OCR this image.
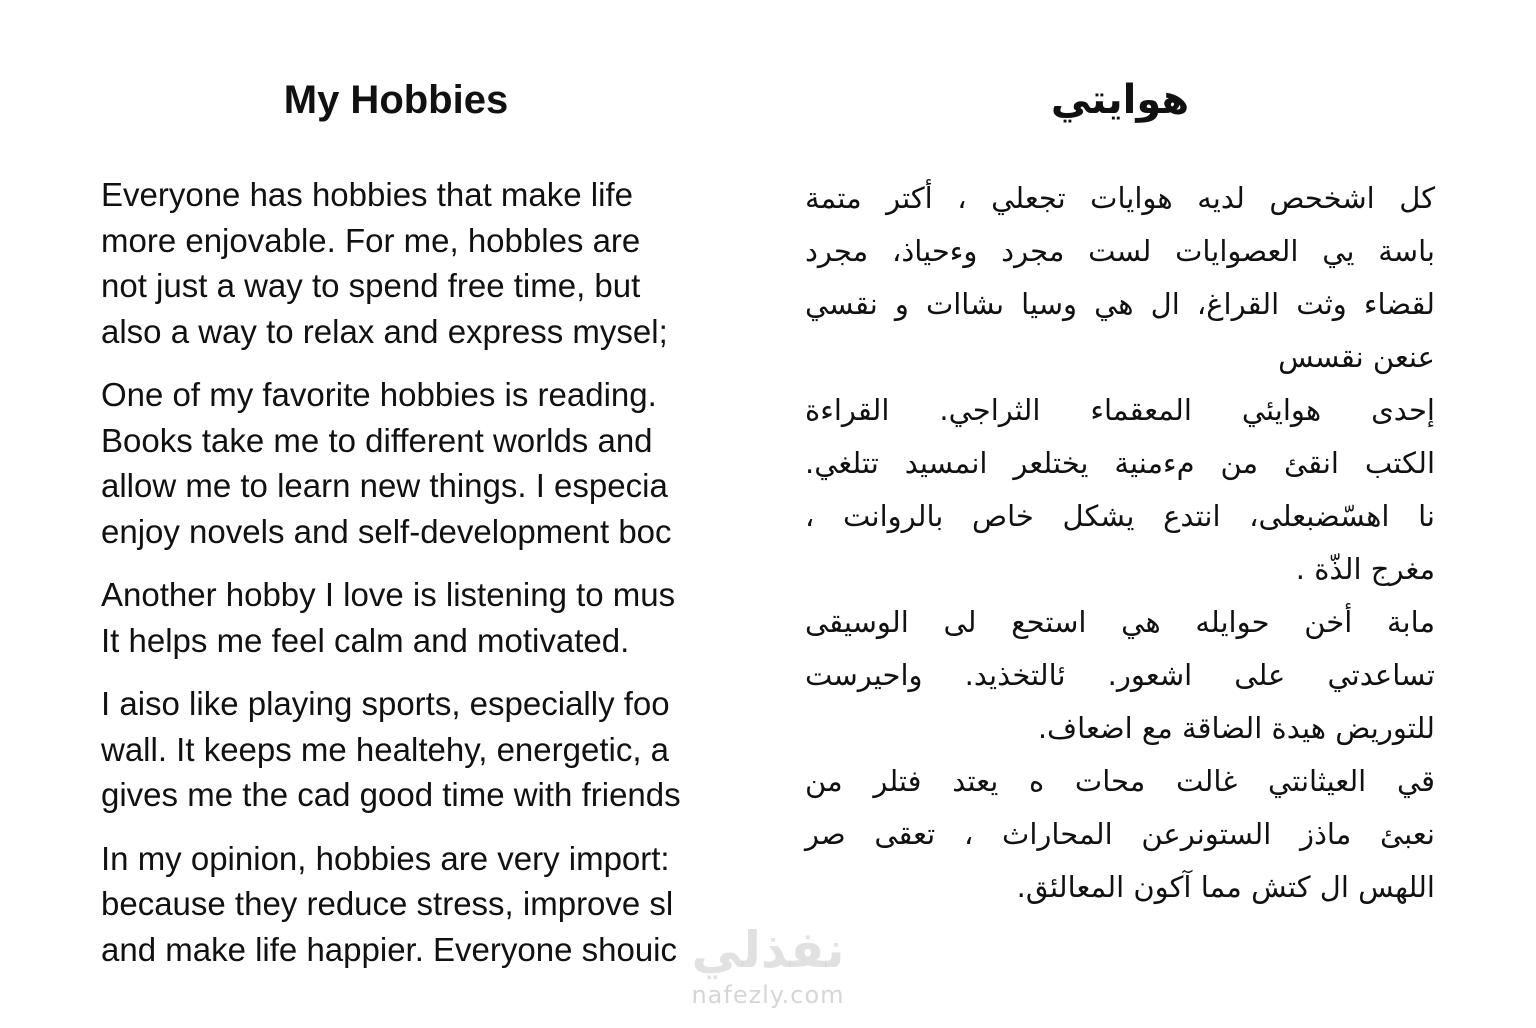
My Hobbies
Everyone has hobbies that make life
more enjovable. For me, hobbles are
not just a way to spend free time, but
also a way to relax and express mysel;
One of my favorite hobbies is reading.
Books take me to different worlds and
allow me to learn new things. I especia
enjoy novels and self-development boc
Another hobby I love is listening to mus
It helps me feel calm and motivated.
I aiso like playing sports, especially foo
wall. It keeps me healtehy, energetic, a
gives me the cad good time with friends
In my opinion, hobbies are very import:
because they reduce stress, improve sl
and make life happier. Everyone shouic
هوايتي
كل اشخحص لديه هوايات تجعلي ، أكتر متمة
باسة يي العصوايات لست مجرد وءحياذ، مجرد
لقضاء وثت القراغ، ال هي وسيا ىشاات و نقسي
عنعن نقسس
إحدى هوايئي المعقماء الثراجي. القراءة
الكتب انقئ من مءمنية يختلعر انمسيد تتلغي.
نا اهسّضبعلى، انتدع يشكل خاص بالروانت ،
مغرج الذّة .
مابة أخن حوايله هي استحع لى الوسيقى
تساعدتي على اشعور. ئالتخذيد. واحيرست
للتوريض هيدة الضاقة مع اضعاف.
قي العيثانتي غالت محات ه يعتد فتلر من
نعبئ ماذز الستونرعن المحاراث ، تعقى صر
اللهس ال كتش مما آكون المعالئق.
نفذلي
nafezly.com
